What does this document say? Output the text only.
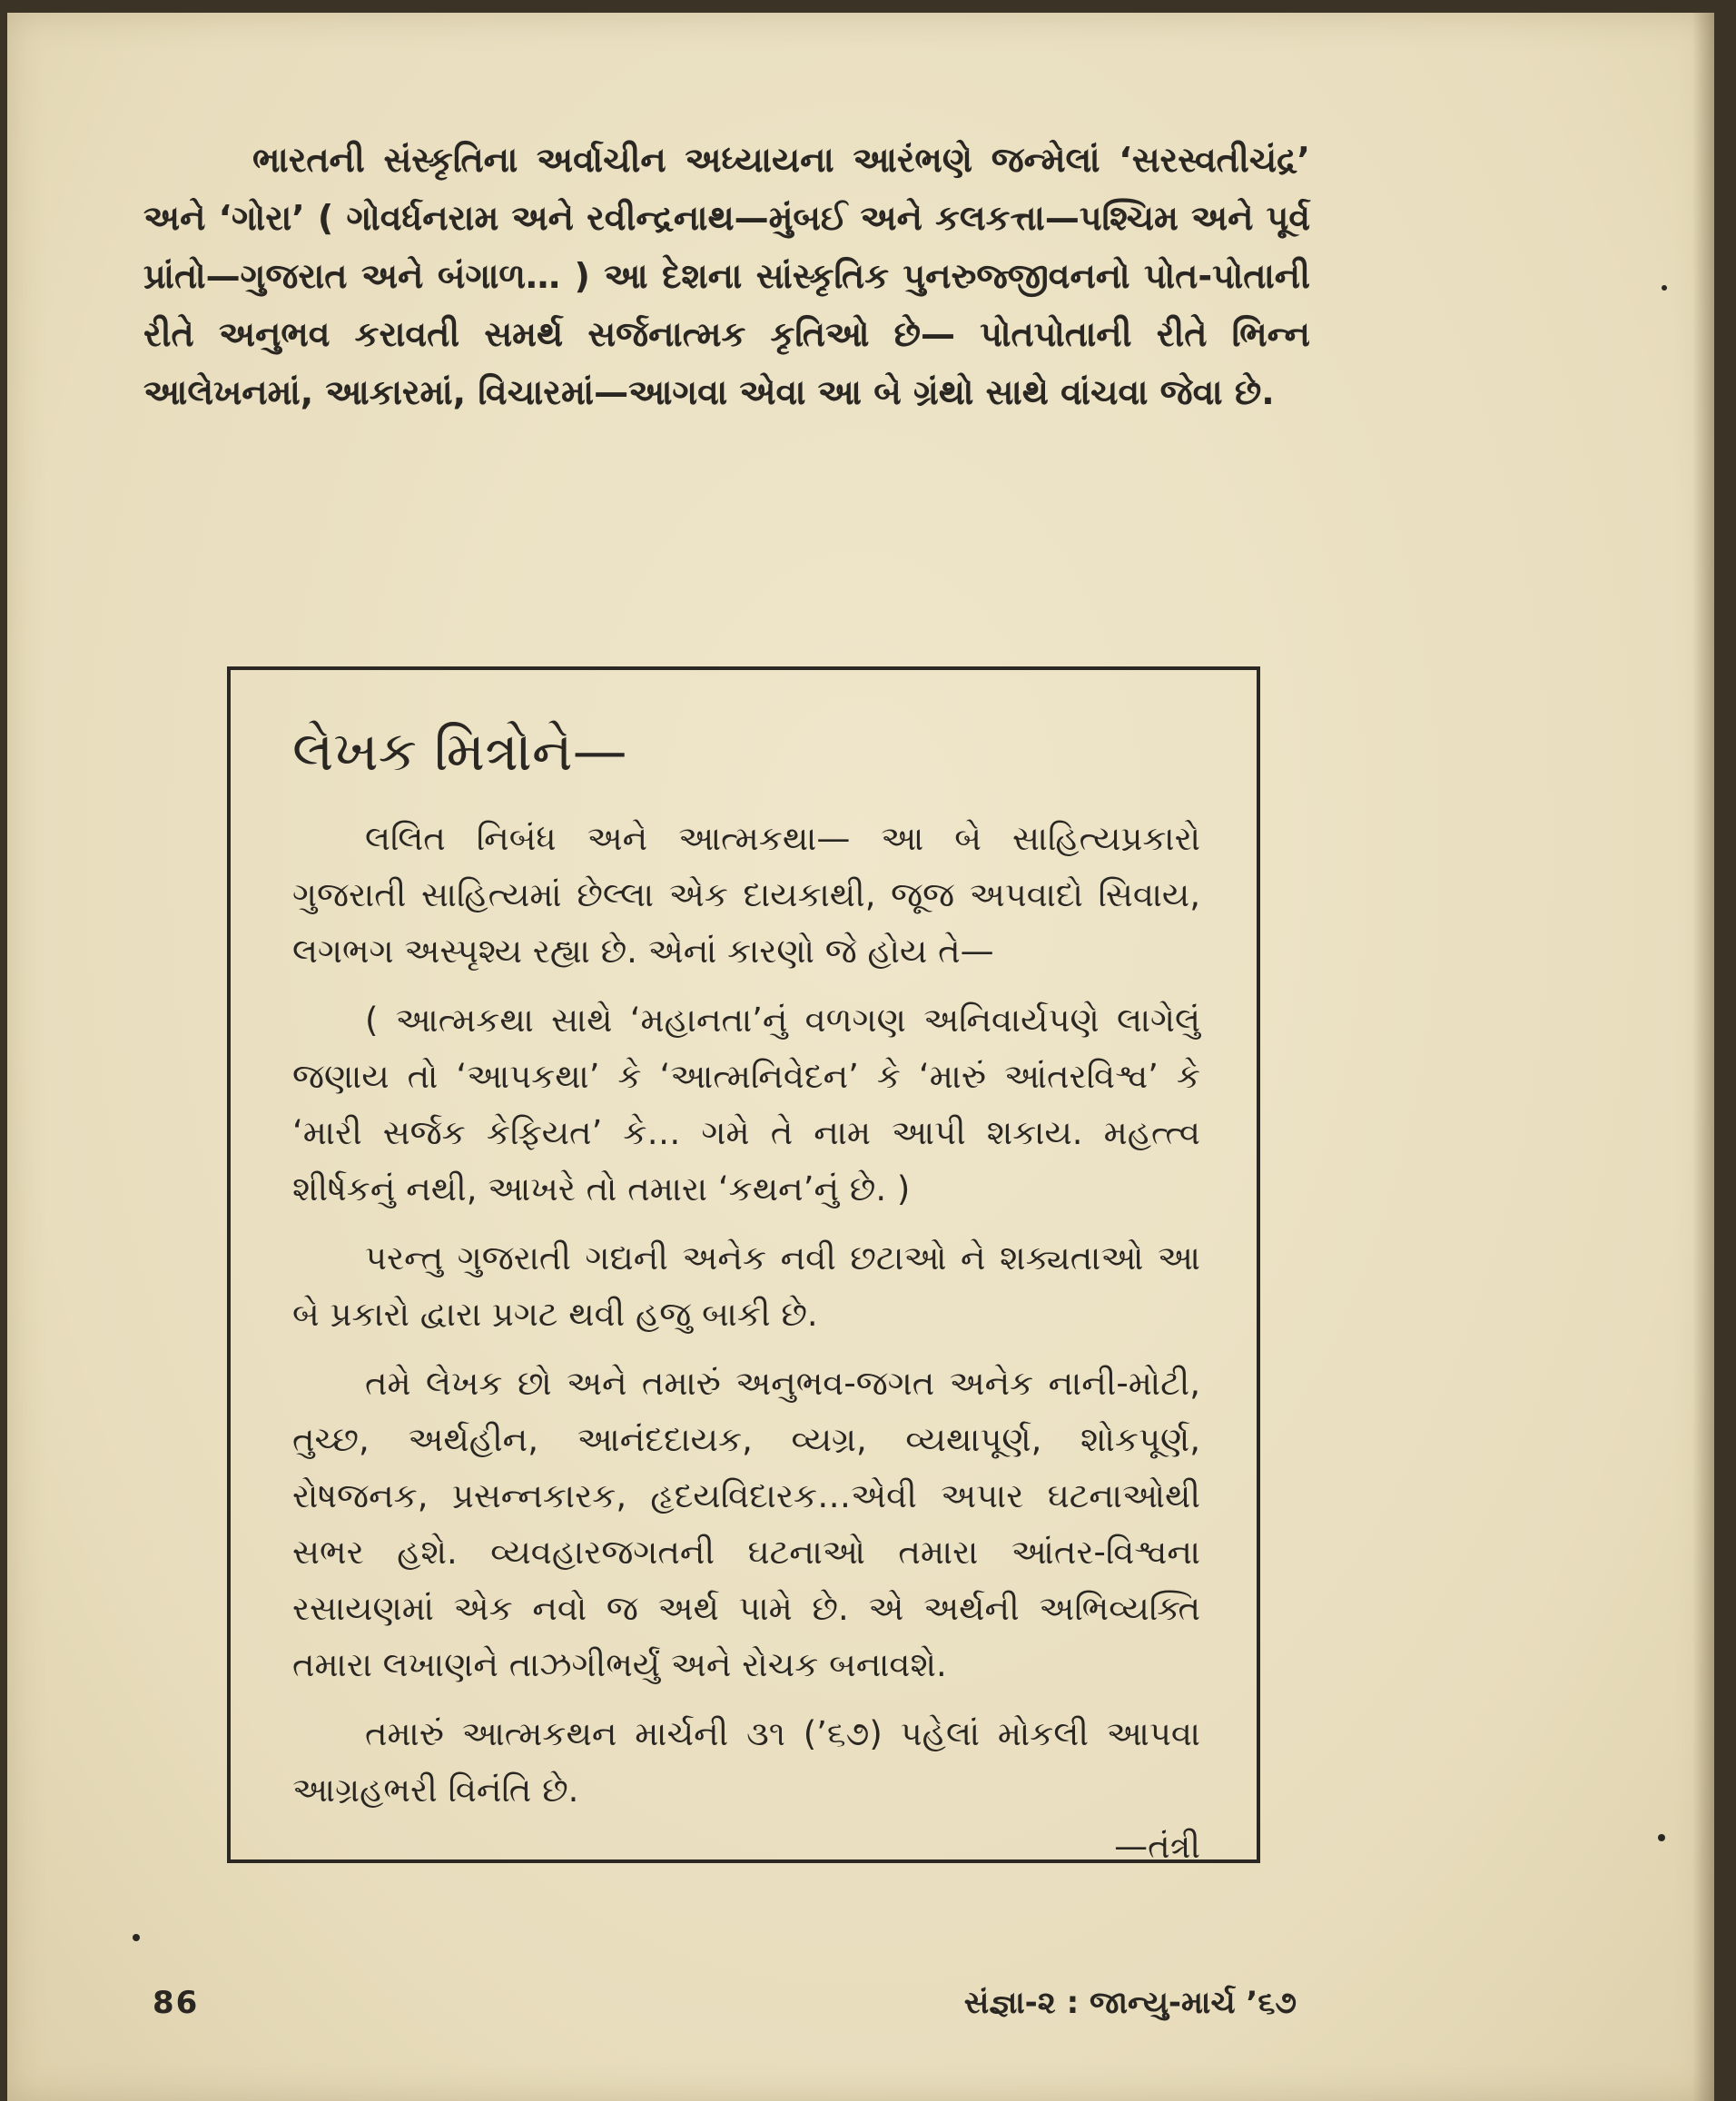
ભારતની સંસ્કૃતિના અર્વાચીન અધ્યાયના આરંભણે જન્મેલાં ‘સરસ્વતીચંદ્ર’ અને ‘ગોરા’ ( ગોવર્ધનરામ અને રવીન્દ્રનાથ—મુંબઈ અને કલકત્તા—પશ્ચિમ અને પૂર્વ પ્રાંતો—ગુજરાત અને બંગાળ… ) આ દેશના સાંસ્કૃતિક પુનરુજ્જીવનનો પોત-પોતાની રીતે અનુભવ કરાવતી સમર્થ સર્જનાત્મક કૃતિઓ છે— પોતપોતાની રીતે ભિન્ન આલેખનમાં, આકારમાં, વિચારમાં—આગવા એવા આ બે ગ્રંથો સાથે વાંચવા જેવા છે.

લેખક મિત્રોને—

લલિત નિબંધ અને આત્મકથા— આ બે સાહિત્યપ્રકારો ગુજરાતી સાહિત્યમાં છેલ્લા એક દાયકાથી, જૂજ અપવાદો સિવાય, લગભગ અસ્પૃશ્ય રહ્યા છે. એનાં કારણો જે હોય તે—

( આત્મકથા સાથે ‘મહાનતા’નું વળગણ અનિવાર્યપણે લાગેલું જણાય તો ‘આપકથા’ કે ‘આત્મનિવેદન’ કે ‘મારું આંતરવિશ્વ’ કે ‘મારી સર્જક કેફિયત’ કે… ગમે તે નામ આપી શકાય. મહત્ત્વ શીર્ષકનું નથી, આખરે તો તમારા ‘કથન’નું છે. )

પરન્તુ ગુજરાતી ગદ્યની અનેક નવી છટાઓ ને શક્યતાઓ આ બે પ્રકારો દ્વારા પ્રગટ થવી હજુ બાકી છે.

તમે લેખક છો અને તમારું અનુભવ-જગત અનેક નાની-મોટી, તુચ્છ, અર્થહીન, આનંદદાયક, વ્યગ્ર, વ્યથાપૂર્ણ, શોકપૂર્ણ, રોષજનક, પ્રસન્નકારક, હૃદયવિદારક…એવી અપાર ઘટનાઓથી સભર હશે. વ્યવહારજગતની ઘટનાઓ તમારા આંતર-વિશ્વના રસાયણમાં એક નવો જ અર્થ પામે છે. એ અર્થની અભિવ્યક્તિ તમારા લખાણને તાઝગીભર્યું અને રોચક બનાવશે.

તમારું આત્મકથન માર્ચની ૩૧ (’૬૭) પહેલાં મોકલી આપવા આગ્રહભરી વિનંતિ છે.
—તંત્રી

86	સંજ્ઞા-૨ : જાન્યુ-માર્ચ ’૬૭
